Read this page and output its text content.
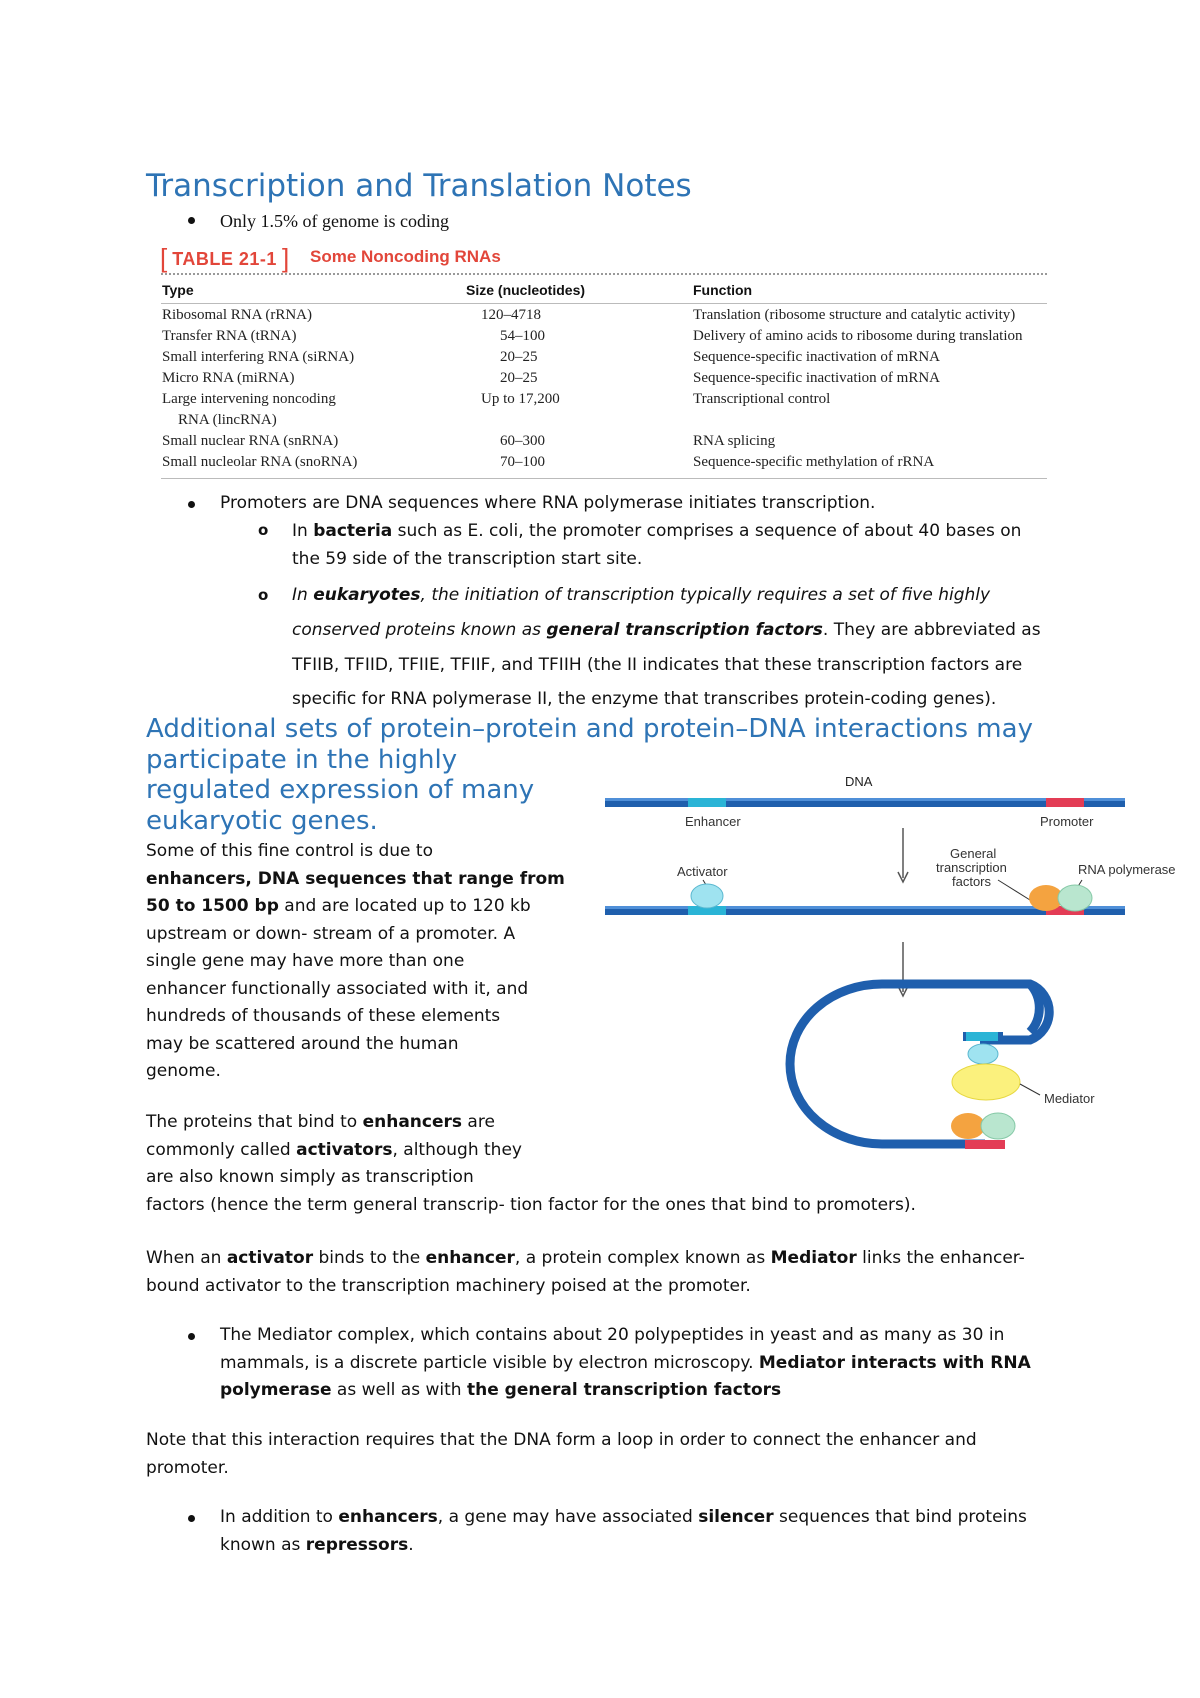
Transcription and Translation Notes
Only 1.5% of genome is coding
[ TABLE 21-1 ] Some Noncoding RNAs
Type	Size (nucleotides)	Function
Ribosomal RNA (rRNA)	120–4718	Translation (ribosome structure and catalytic activity)
Transfer RNA (tRNA)	54–100	Delivery of amino acids to ribosome during translation
Small interfering RNA (siRNA)	20–25	Sequence-specific inactivation of mRNA
Micro RNA (miRNA)	20–25	Sequence-specific inactivation of mRNA
Large intervening noncoding	Up to 17,200	Transcriptional control
RNA (lincRNA)
Small nuclear RNA (snRNA)	60–300	RNA splicing
Small nucleolar RNA (snoRNA)	70–100	Sequence-specific methylation of rRNA
Promoters are DNA sequences where RNA polymerase initiates transcription.
o In bacteria such as E. coli, the promoter comprises a sequence of about 40 bases on
the 59 side of the transcription start site.
o In eukaryotes, the initiation of transcription typically requires a set of five highly
conserved proteins known as general transcription factors. They are abbreviated as
TFIIB, TFIID, TFIIE, TFIIF, and TFIIH (the II indicates that these transcription factors are
specific for RNA polymerase II, the enzyme that transcribes protein-coding genes).
Additional sets of protein–protein and protein–DNA interactions may
participate in the highly
regulated expression of many
eukaryotic genes.
Some of this fine control is due to
enhancers, DNA sequences that range from
50 to 1500 bp and are located up to 120 kb
upstream or down- stream of a promoter. A
single gene may have more than one
enhancer functionally associated with it, and
hundreds of thousands of these elements
may be scattered around the human
genome.
The proteins that bind to enhancers are
commonly called activators, although they
are also known simply as transcription
factors (hence the term general transcrip- tion factor for the ones that bind to promoters).
When an activator binds to the enhancer, a protein complex known as Mediator links the enhancer-
bound activator to the transcription machinery poised at the promoter.
The Mediator complex, which contains about 20 polypeptides in yeast and as many as 30 in
mammals, is a discrete particle visible by electron microscopy. Mediator interacts with RNA
polymerase as well as with the general transcription factors
Note that this interaction requires that the DNA form a loop in order to connect the enhancer and
promoter.
In addition to enhancers, a gene may have associated silencer sequences that bind proteins
known as repressors.
DNA
Enhancer	Promoter
Activator
General
transcription
factors
RNA polymerase
Mediator
